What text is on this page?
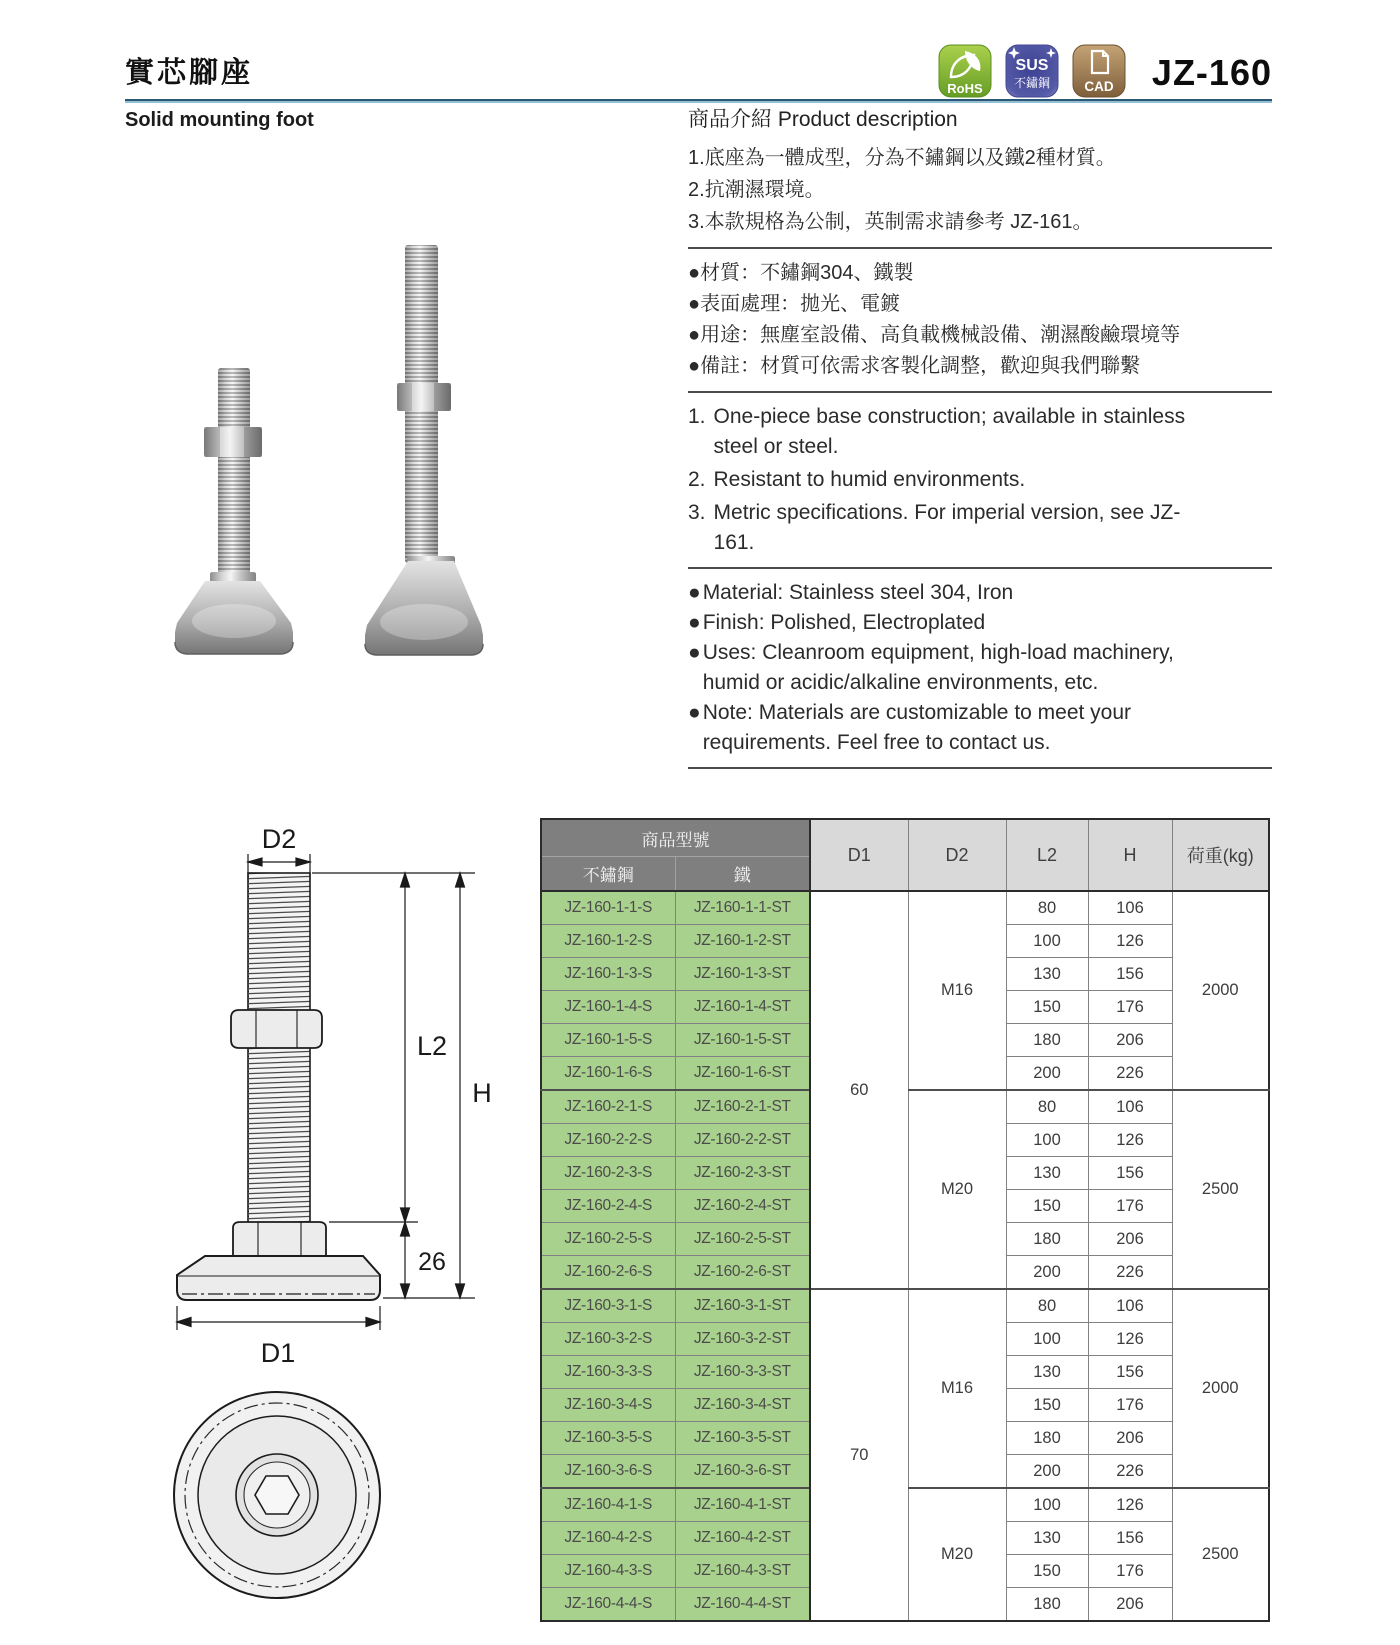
實芯腳座	RoHS
SUS
不鏽鋼	CAD JZ-160
Solid mounting foot	商品介紹 Product description

1. 底座為一體成型，分為不鏽鋼以及鐵2種材質。
2. 抗潮濕環境。
3. 本款規格為公制，英制需求請參考 JZ-161。
● 材質：不鏽鋼304、鐵製
● 表面處理：拋光、電鍍
● 用途：無塵室設備、高負載機械設備、潮濕酸鹼環境等
● 備註：材質可依需求客製化調整，歡迎與我們聯繫
1. One-piece base construction; available in stainless steel or steel.
2. Resistant to humid environments.
3. Metric specifications. For imperial version, see JZ-161.
● Material: Stainless steel 304, Iron
● Finish: Polished, Electroplated
● Uses: Cleanroom equipment, high-load machinery, humid or acidic/alkaline environments, etc.
● Note: Materials are customizable to meet your requirements. Feel free to contact us.
D2
L2
H
26
D1
商品型號		D1	D2	L2	H	荷重(kg)
不鏽鋼	鐵					
JZ-160-1-1-S	JZ-160-1-1-ST	60	M16	80	106	2000
JZ-160-1-2-S	JZ-160-1-2-ST			100	126	
JZ-160-1-3-S	JZ-160-1-3-ST			130	156	
JZ-160-1-4-S	JZ-160-1-4-ST			150	176	
JZ-160-1-5-S	JZ-160-1-5-ST			180	206	
JZ-160-1-6-S	JZ-160-1-6-ST			200	226	
JZ-160-2-1-S	JZ-160-2-1-ST		M20	80	106	2500
JZ-160-2-2-S	JZ-160-2-2-ST			100	126	
JZ-160-2-3-S	JZ-160-2-3-ST			130	156	
JZ-160-2-4-S	JZ-160-2-4-ST			150	176	
JZ-160-2-5-S	JZ-160-2-5-ST			180	206	
JZ-160-2-6-S	JZ-160-2-6-ST			200	226	
JZ-160-3-1-S	JZ-160-3-1-ST	70	M16	80	106	2000
JZ-160-3-2-S	JZ-160-3-2-ST			100	126	
JZ-160-3-3-S	JZ-160-3-3-ST			130	156	
JZ-160-3-4-S	JZ-160-3-4-ST			150	176	
JZ-160-3-5-S	JZ-160-3-5-ST			180	206	
JZ-160-3-6-S	JZ-160-3-6-ST			200	226	
JZ-160-4-1-S	JZ-160-4-1-ST		M20	100	126	2500
JZ-160-4-2-S	JZ-160-4-2-ST			130	156	
JZ-160-4-3-S	JZ-160-4-3-ST			150	176	
JZ-160-4-4-S	JZ-160-4-4-ST			180	206	
